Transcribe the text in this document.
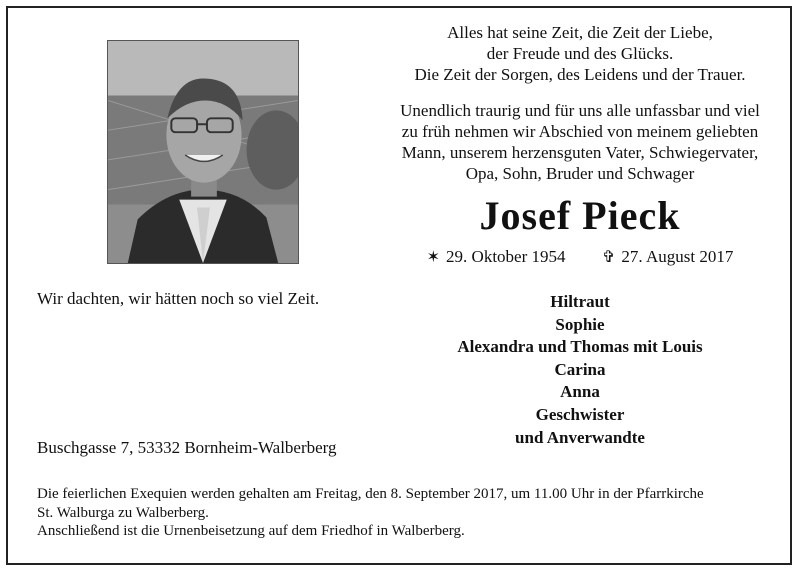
Alles hat seine Zeit, die Zeit der Liebe,
der Freude und des Glücks.
Die Zeit der Sorgen, des Leidens und der Trauer.
Unendlich traurig und für uns alle unfassbar und viel
zu früh nehmen wir Abschied von meinem geliebten
Mann, unserem herzensguten Vater, Schwiegervater,
Opa, Sohn, Bruder und Schwager
Josef Pieck
✶ 29. Oktober 1954 ✞ 27. August 2017
Wir dachten, wir hätten noch so viel Zeit.	Hiltraut
Sophie
Alexandra und Thomas mit Louis
Carina
Anna
Geschwister
und Anverwandte
Buschgasse 7, 53332 Bornheim-Walberberg
Die feierlichen Exequien werden gehalten am Freitag, den 8. September 2017, um 11.00 Uhr in der Pfarrkirche
St. Walburga zu Walberberg.
Anschließend ist die Urnenbeisetzung auf dem Friedhof in Walberberg.
